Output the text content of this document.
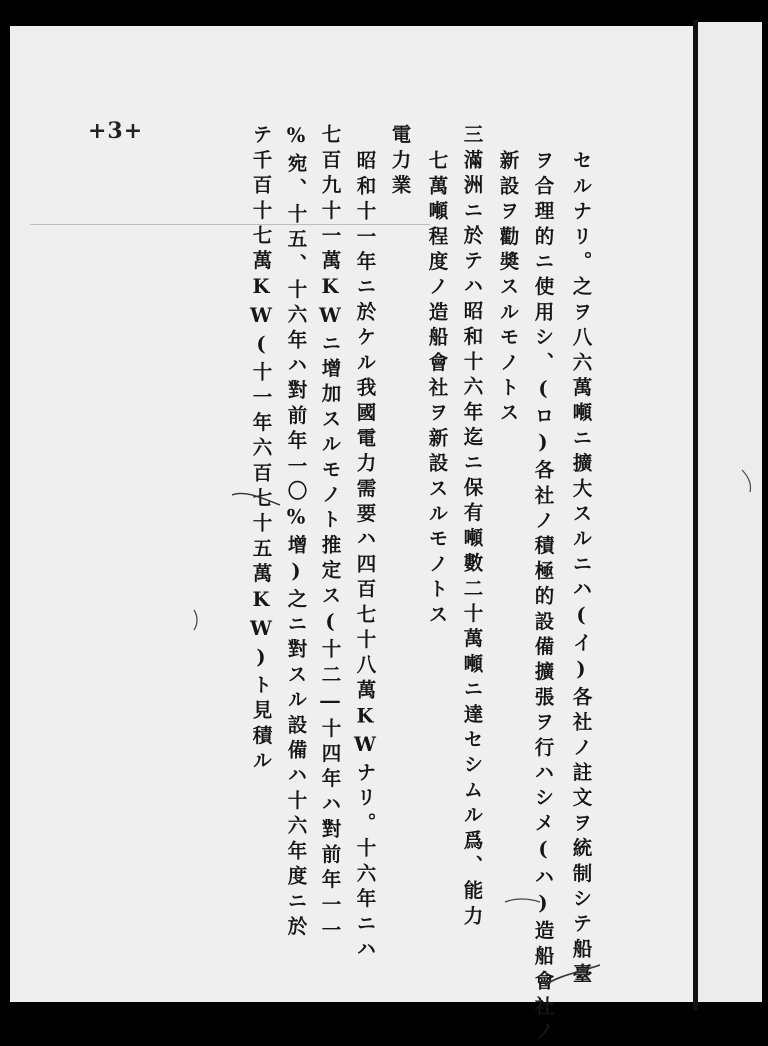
+3+
セルナリ。之ヲ八六萬噸ニ擴大スルニハ(イ)各社ノ註文ヲ統制シテ船臺
ヲ合理的ニ使用シ、(ロ)各社ノ積極的設備擴張ヲ行ハシメ(ハ)造船會社ノ
新設ヲ勸奬スルモノトス
三滿洲ニ於テハ昭和十六年迄ニ保有噸數二十萬噸ニ達セシムル爲、能力
七萬噸程度ノ造船會社ヲ新設スルモノトス
電力業
昭和十一年ニ於ケル我國電力需要ハ四百七十八萬KWナリ。十六年ニハ
七百九十一萬KWニ增加スルモノト推定ス(十二―十四年ハ對前年一一
%宛、十五、十六年ハ對前年一〇%增)之ニ對スル設備ハ十六年度ニ於
テ千百十七萬KW(十一年六百七十五萬KW)ト見積ル
